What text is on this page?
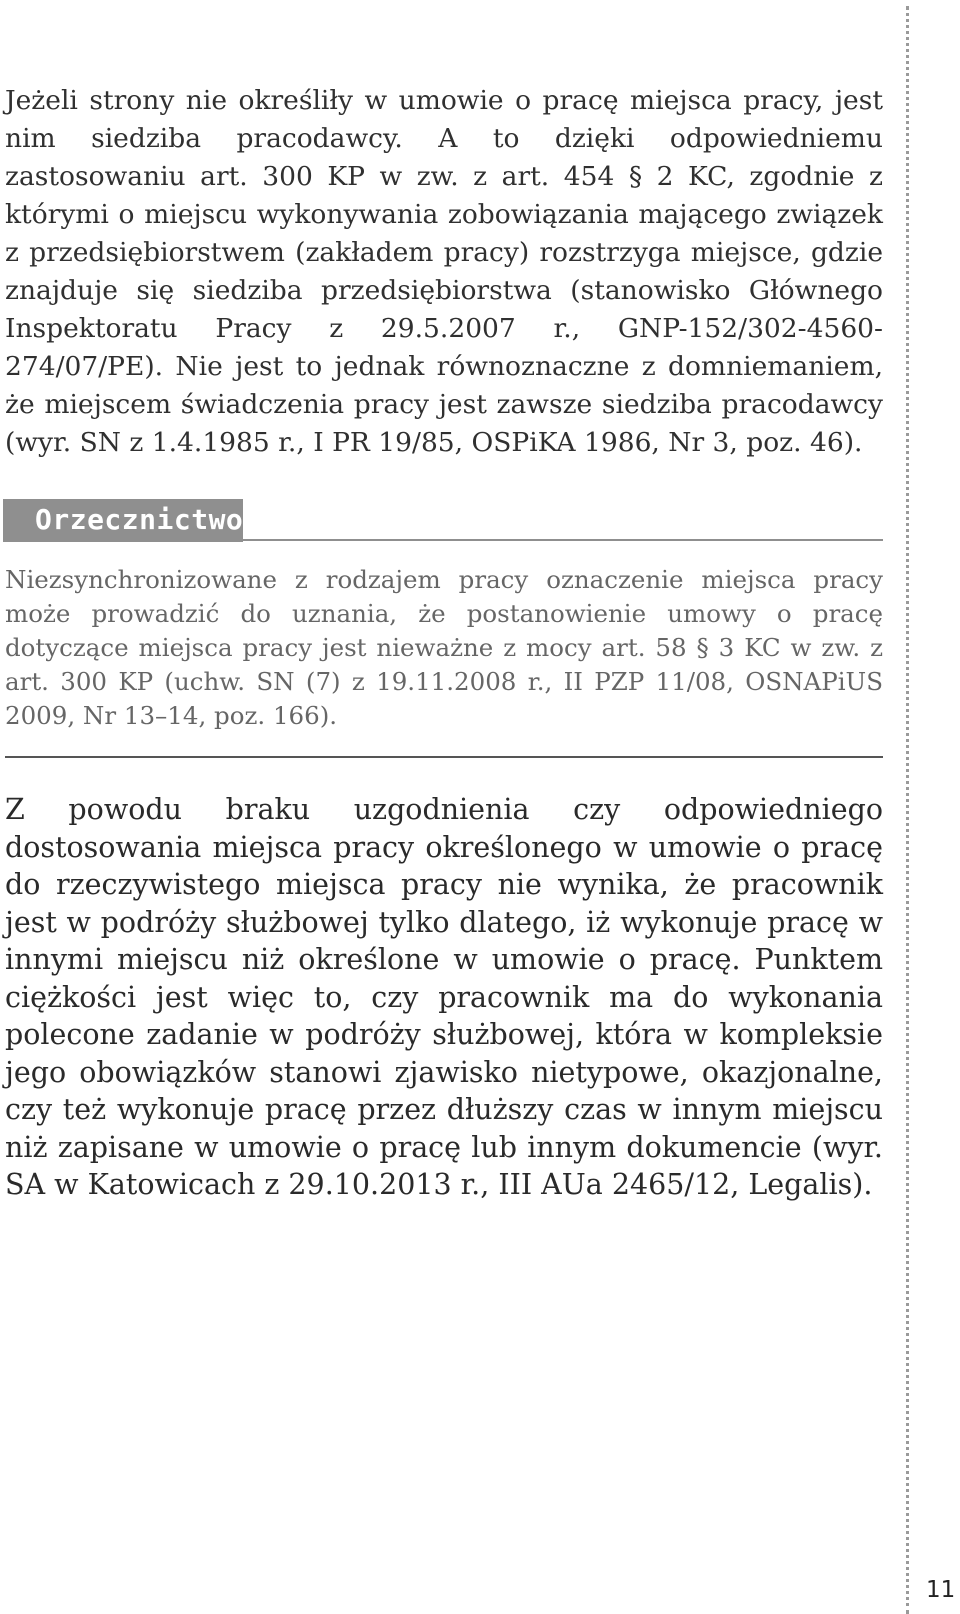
Jeżeli strony nie określiły w umowie o pracę miejsca pracy, jest nim siedziba pracodawcy. A to dzięki odpowiedniemu zastosowaniu art. 300 KP w zw. z art. 454 § 2 KC, zgodnie z którymi o miejscu wykonywania zobowiązania mającego związek z przedsiębiorstwem (zakładem pracy) rozstrzyga miejsce, gdzie znajduje się siedziba przedsiębiorstwa (stanowisko Głównego Inspektoratu Pracy z 29.5.2007 r., GNP-152/302-4560-274/07/PE). Nie jest to jednak równoznaczne z domniemaniem, że miejscem świadczenia pracy jest zawsze siedziba pracodawcy (wyr. SN z 1.4.1985 r., I PR 19/85, OSPiKA 1986, Nr 3, poz. 46).

Orzecznictwo

Niezsynchronizowane z rodzajem pracy oznaczenie miejsca pracy może prowadzić do uznania, że postanowienie umowy o pracę dotyczące miejsca pracy jest nieważne z mocy art. 58 § 3 KC w zw. z art. 300 KP (uchw. SN (7) z 19.11.2008 r., II PZP 11/08, OSNAPiUS 2009, Nr 13–14, poz. 166).

Z powodu braku uzgodnienia czy odpowiedniego dostosowania miejsca pracy określonego w umowie o pracę do rzeczywistego miejsca pracy nie wynika, że pracownik jest w podróży służbowej tylko dlatego, iż wykonuje pracę w innymi miejscu niż określone w umowie o pracę. Punktem ciężkości jest więc to, czy pracownik ma do wykonania polecone zadanie w podróży służbowej, która w kompleksie jego obowiązków stanowi zjawisko nietypowe, okazjonalne, czy też wykonuje pracę przez dłuższy czas w innym miejscu niż zapisane w umowie o pracę lub innym dokumencie (wyr. SA w Katowicach z 29.10.2013 r., III AUa 2465/12, Legalis).

11
